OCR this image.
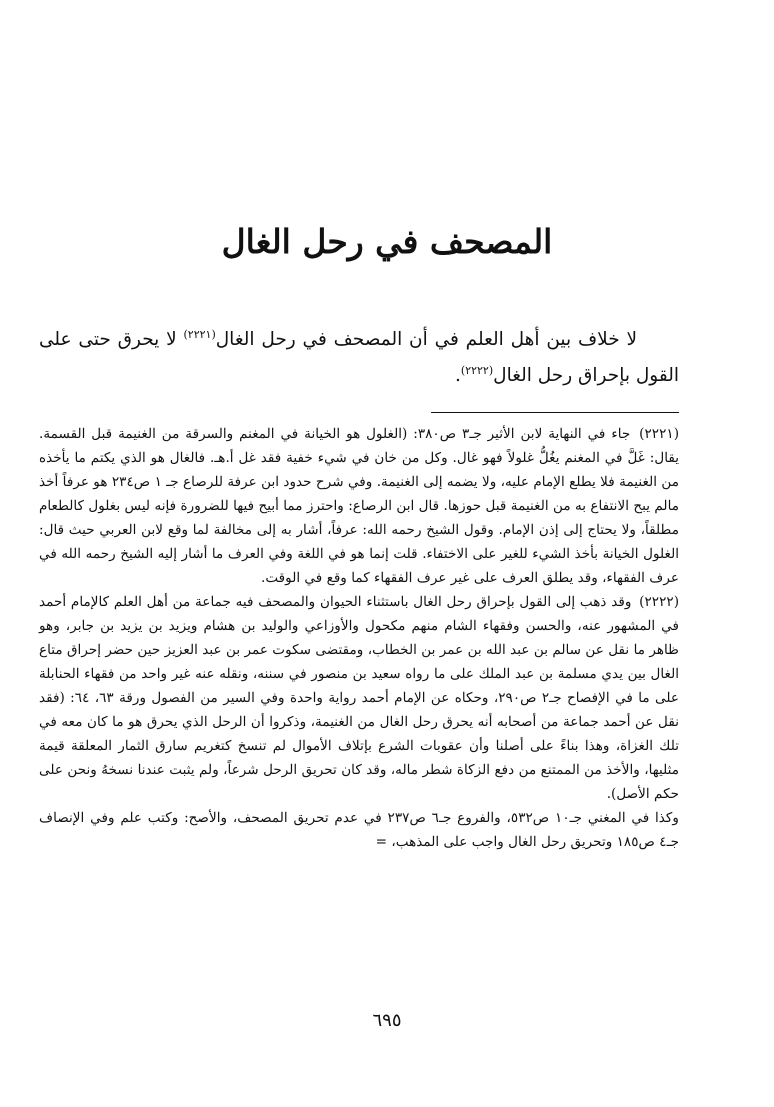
المصحف في رحل الغال

لا خلاف بين أهل العلم في أن المصحف في رحل الغال$^{(٢٢٢١)}$ لا يحرق حتى على القول بإحراق رحل الغال$^{(٢٢٢٢)}$.

(٢٢٢١) جاء في النهاية لابن الأثير جـ٣ ص٣٨٠: (الغلول هو الخيانة في المغنم والسرقة من الغنيمة قبل القسمة. يقال: غَلَّ في المغنم يغُلُّ غلولاً فهو غال. وكل من خان في شيء خفية فقد غل أ.هـ. فالغال هو الذي يكتم ما يأخذه من الغنيمة فلا يطلع الإمام عليه، ولا يضمه إلى الغنيمة. وفي شرح حدود ابن عرفة للرصاع جـ ١ ص٢٣٤ هو عرفاً أخذ مالم يبح الانتفاع به من الغنيمة قبل حوزها. قال ابن الرصاع: واحترز مما أبيح فيها للضرورة فإنه ليس بغلول كالطعام مطلقاً، ولا يحتاج إلى إذن الإمام. وقول الشيخ رحمه الله: عرفاً، أشار به إلى مخالفة لما وقع لابن العربي حيث قال: الغلول الخيانة بأخذ الشيء للغير على الاختفاء. قلت إنما هو في اللغة وفي العرف ما أشار إليه الشيخ رحمه الله في عرف الفقهاء، وقد يطلق العرف على غير عرف الفقهاء كما وقع في الوقت.

(٢٢٢٢) وقد ذهب إلى القول بإحراق رحل الغال باستثناء الحيوان والمصحف فيه جماعة من أهل العلم كالإمام أحمد في المشهور عنه، والحسن وفقهاء الشام منهم مكحول والأوزاعي والوليد بن هشام ويزيد بن يزيد بن جابر، وهو ظاهر ما نقل عن سالم بن عبد الله بن عمر بن الخطاب، ومقتضى سكوت عمر بن عبد العزيز حين حضر إحراق متاع الغال بين يدي مسلمة بن عبد الملك على ما رواه سعيد بن منصور في سننه، ونقله عنه غير واحد من فقهاء الحنابلة على ما في الإفصاح جـ٢ ص٢٩٠، وحكاه عن الإمام أحمد رواية واحدة وفي السير من الفصول ورقة ٦٣، ٦٤: (فقد نقل عن أحمد جماعة من أصحابه أنه يحرق رحل الغال من الغنيمة، وذكروا أن الرحل الذي يحرق هو ما كان معه في تلك الغزاة، وهذا بناءً على أصلنا وأن عقوبات الشرع بإتلاف الأموال لم تنسخ كتغريم سارق الثمار المعلقة قيمة مثليها، والأخذ من الممتنع من دفع الزكاة شطر ماله، وقد كان تحريق الرحل شرعاً، ولم يثبت عندنا نسخهُ ونحن على حكم الأصل).

وكذا في المغني جـ١٠ ص٥٣٢، والفروع جـ٦ ص٢٣٧ في عدم تحريق المصحف، والأصح: وكتب علم وفي الإنصاف جـ٤ ص١٨٥ وتحريق رحل الغال واجب على المذهب، =

٦٩٥
